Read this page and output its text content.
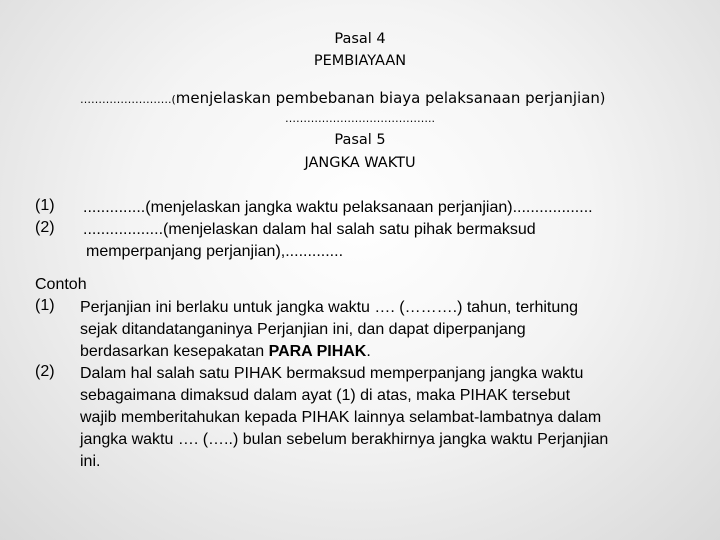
Pasal 4
PEMBIAYAAN
…………………….(menjelaskan pembebanan biaya pelaksanaan perjanjian)
…………………………………..
Pasal 5
JANGKA WAKTU
(1) ..............(menjelaskan jangka waktu pelaksanaan perjanjian)..................
(2) ..................(menjelaskan dalam hal salah satu pihak bermaksud
memperpanjang perjanjian),.............
Contoh
(1) Perjanjian ini berlaku untuk jangka waktu …. (……….) tahun, terhitung
sejak ditandatanganinya Perjanjian ini, dan dapat diperpanjang
berdasarkan kesepakatan PARA PIHAK.
(2) Dalam hal salah satu PIHAK bermaksud memperpanjang jangka waktu
sebagaimana dimaksud dalam ayat (1) di atas, maka PIHAK tersebut
wajib memberitahukan kepada PIHAK lainnya selambat-lambatnya dalam
jangka waktu …. (…..) bulan sebelum berakhirnya jangka waktu Perjanjian
ini.
